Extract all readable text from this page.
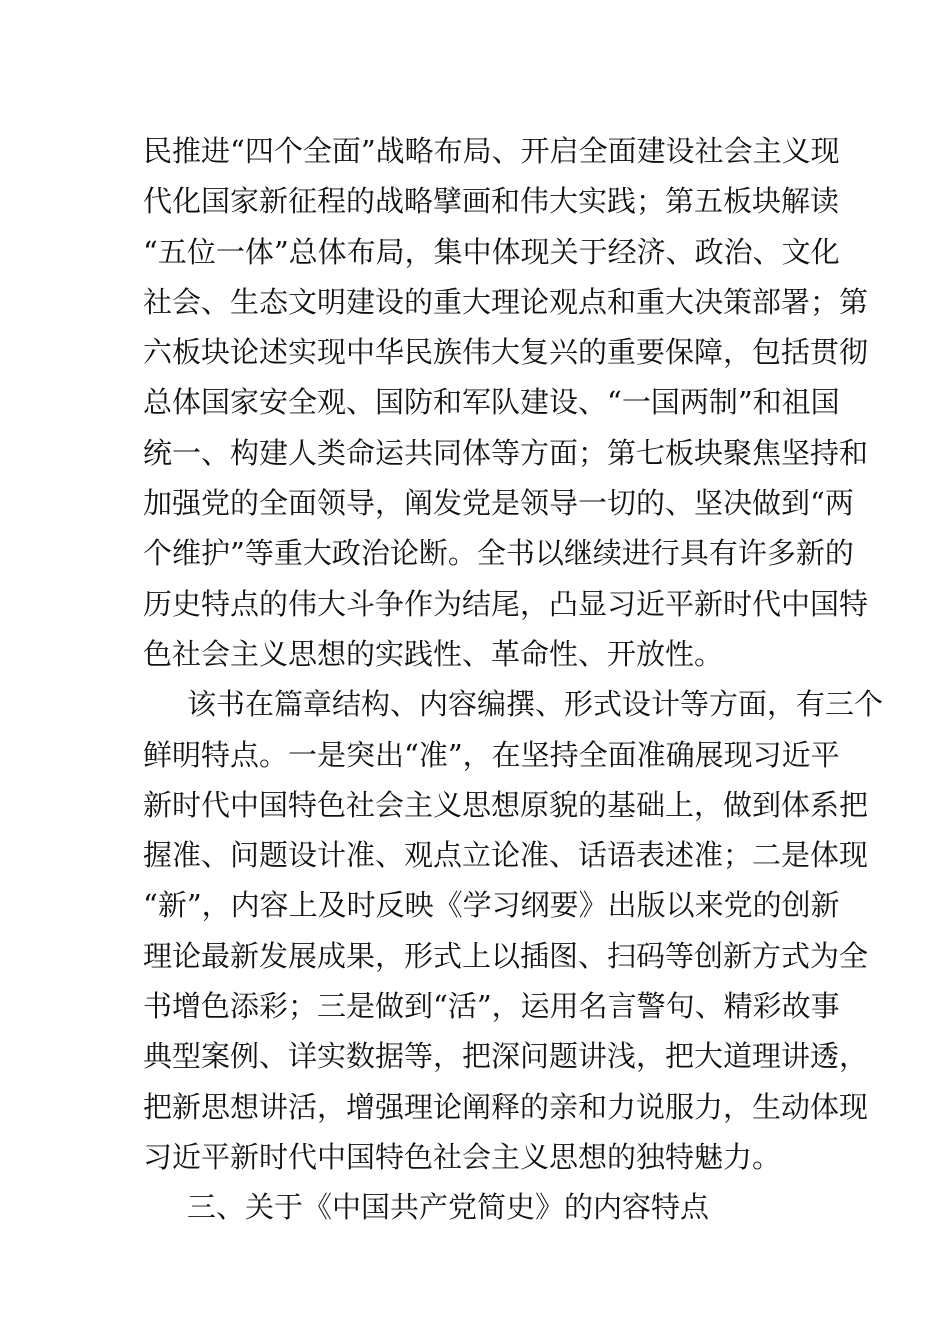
民推进“四个全面”战略布局、开启全面建设社会主义现
代化国家新征程的战略擘画和伟大实践；第五板块解读
“五位一体”总体布局，集中体现关于经济、政治、文化
社会、生态文明建设的重大理论观点和重大决策部署；第
六板块论述实现中华民族伟大复兴的重要保障，包括贯彻
总体国家安全观、国防和军队建设、“一国两制”和祖国
统一、构建人类命运共同体等方面；第七板块聚焦坚持和
加强党的全面领导，阐发党是领导一切的、坚决做到“两
个维护”等重大政治论断。全书以继续进行具有许多新的
历史特点的伟大斗争作为结尾，凸显习近平新时代中国特
色社会主义思想的实践性、革命性、开放性。
该书在篇章结构、内容编撰、形式设计等方面，有三个
鲜明特点。一是突出“准”，在坚持全面准确展现习近平
新时代中国特色社会主义思想原貌的基础上，做到体系把
握准、问题设计准、观点立论准、话语表述准；二是体现
“新”，内容上及时反映《学习纲要》出版以来党的创新
理论最新发展成果，形式上以插图、扫码等创新方式为全
书增色添彩；三是做到“活”，运用名言警句、精彩故事
典型案例、详实数据等，把深问题讲浅，把大道理讲透，
把新思想讲活，增强理论阐释的亲和力说服力，生动体现
习近平新时代中国特色社会主义思想的独特魅力。
三、关于《中国共产党简史》的内容特点
